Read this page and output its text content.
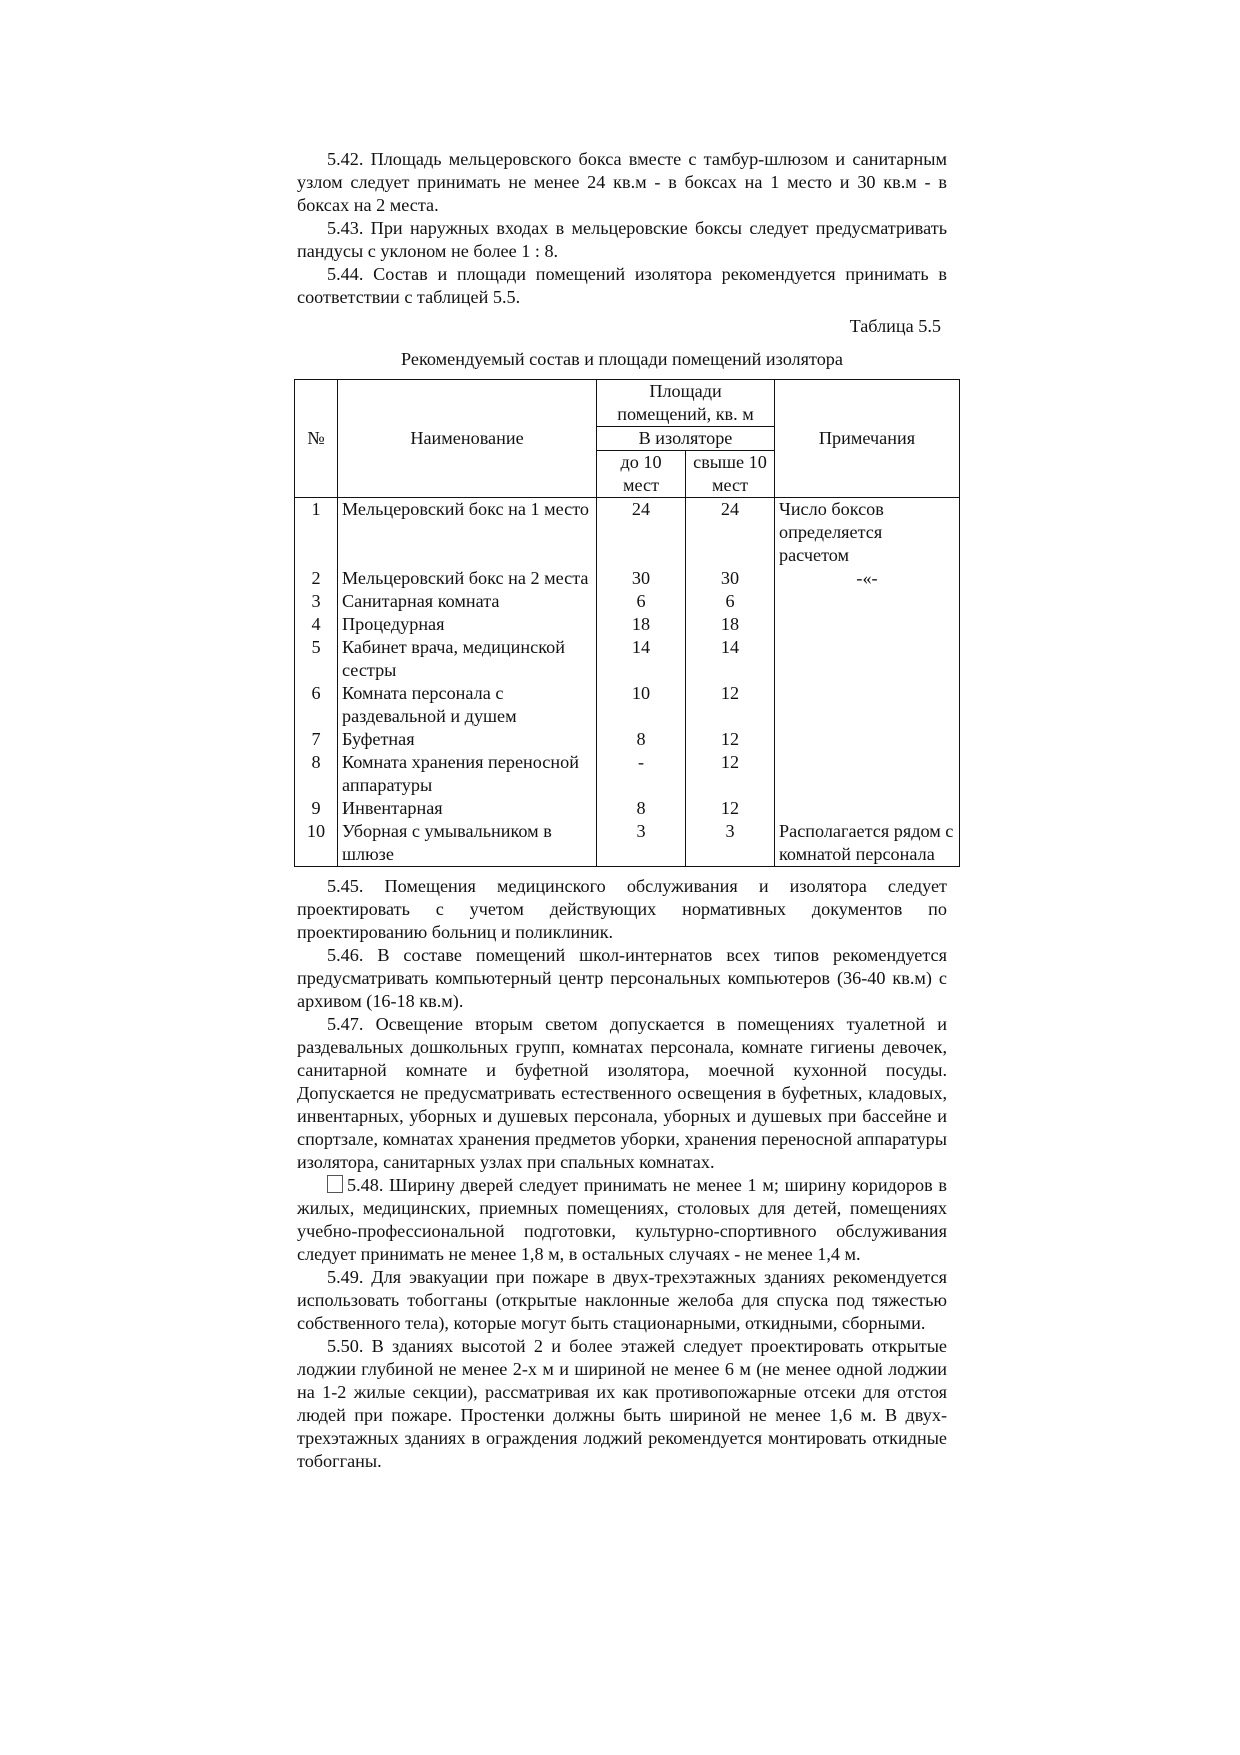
5.42. Площадь мельцеровского бокса вместе с тамбур-шлюзом и санитарным узлом следует принимать не менее 24 кв.м - в боксах на 1 место и 30 кв.м - в боксах на 2 места.

5.43. При наружных входах в мельцеровские боксы следует предусматривать пандусы с уклоном не более 1 : 8.

5.44. Состав и площади помещений изолятора рекомендуется принимать в соответствии с таблицей 5.5.

Таблица 5.5
Рекомендуемый состав и площади помещений изолятора
№	Наименование	Площади помещений, кв. м		Примечания
		В изоляторе		
		до 10 мест	свыше 10 мест	
1	Мельцеровский бокс на 1 место	24	24	Число боксов определяется расчетом
2	Мельцеровский бокс на 2 места	30	30	-«-
3	Санитарная комната	6	6	
4	Процедурная	18	18	
5	Кабинет врача, медицинской сестры	14	14	
6	Комната персонала с раздевальной и душем	10	12	
7	Буфетная	8	12	
8	Комната хранения переносной аппаратуры	-	12	
9	Инвентарная	8	12	
10	Уборная с умывальником в шлюзе	3	3	Располагается рядом с комнатой персонала

5.45. Помещения медицинского обслуживания и изолятора следует проектировать с учетом действующих нормативных документов по проектированию больниц и поликлиник.

5.46. В составе помещений школ-интернатов всех типов рекомендуется предусматривать компьютерный центр персональных компьютеров (36-40 кв.м) с архивом (16-18 кв.м).

5.47. Освещение вторым светом допускается в помещениях туалетной и раздевальных дошкольных групп, комнатах персонала, комнате гигиены девочек, санитарной комнате и буфетной изолятора, моечной кухонной посуды. Допускается не предусматривать естественного освещения в буфетных, кладовых, инвентарных, уборных и душевых персонала, уборных и душевых при бассейне и спортзале, комнатах хранения предметов уборки, хранения переносной аппаратуры изолятора, санитарных узлах при спальных комнатах.

5.48. Ширину дверей следует принимать не менее 1 м; ширину коридоров в жилых, медицинских, приемных помещениях, столовых для детей, помещениях учебно-профессиональной подготовки, культурно-спортивного обслуживания следует принимать не менее 1,8 м, в остальных случаях - не менее 1,4 м.

5.49. Для эвакуации при пожаре в двух-трехэтажных зданиях рекомендуется использовать тобогганы (открытые наклонные желоба для спуска под тяжестью собственного тела), которые могут быть стационарными, откидными, сборными.

5.50. В зданиях высотой 2 и более этажей следует проектировать открытые лоджии глубиной не менее 2-х м и шириной не менее 6 м (не менее одной лоджии на 1-2 жилые секции), рассматривая их как противопожарные отсеки для отстоя людей при пожаре. Простенки должны быть шириной не менее 1,6 м. В двух-трехэтажных зданиях в ограждения лоджий рекомендуется монтировать откидные тобогганы.
